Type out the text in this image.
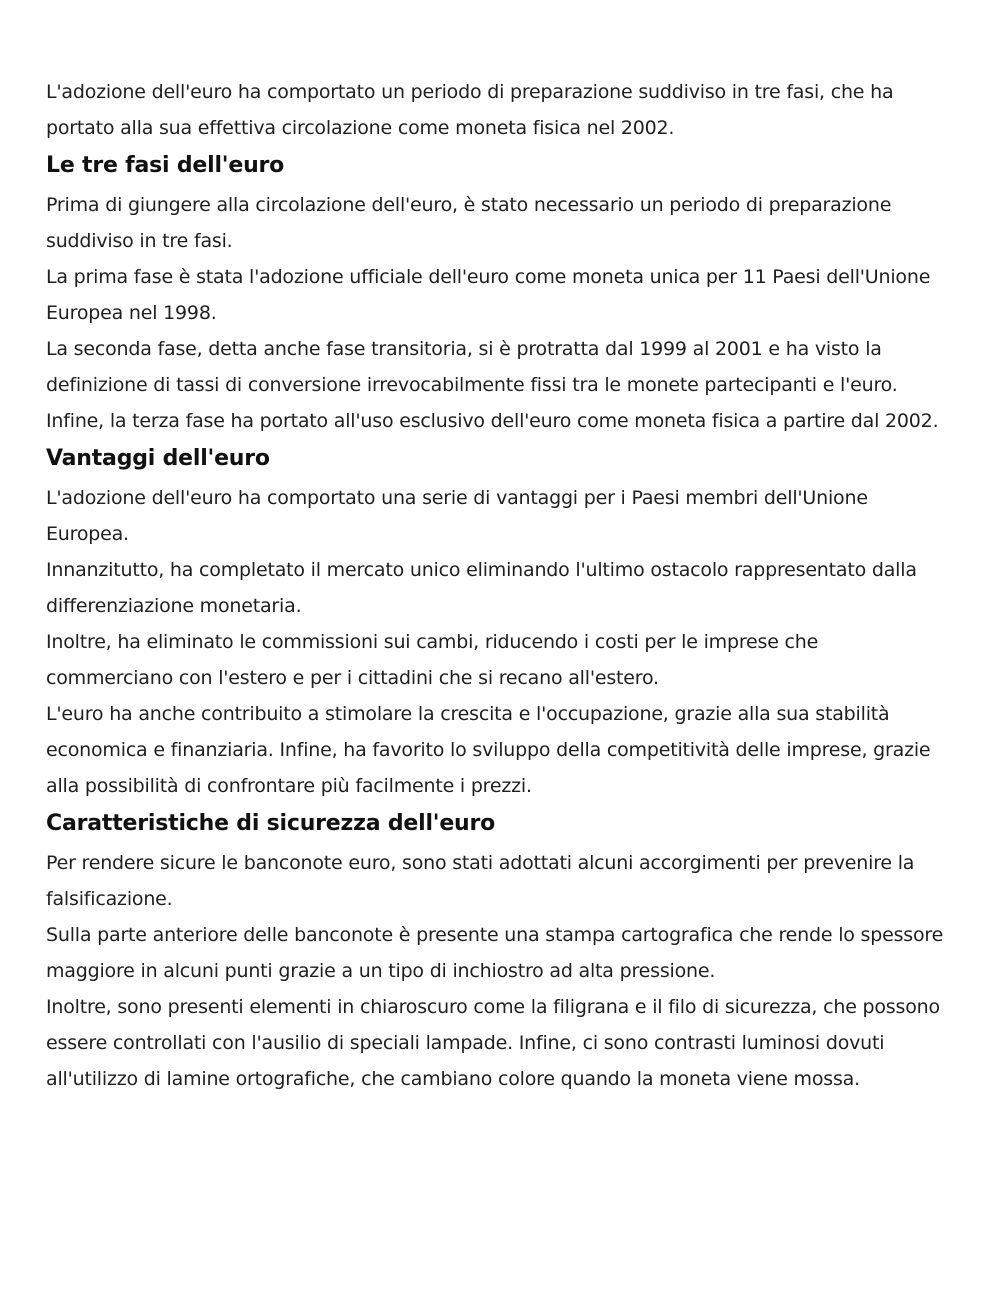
L'adozione dell'euro ha comportato un periodo di preparazione suddiviso in tre fasi, che ha portato alla sua effettiva circolazione come moneta fisica nel 2002.

Le tre fasi dell'euro

Prima di giungere alla circolazione dell'euro, è stato necessario un periodo di preparazione suddiviso in tre fasi.

La prima fase è stata l'adozione ufficiale dell'euro come moneta unica per 11 Paesi dell'Unione Europea nel 1998.

La seconda fase, detta anche fase transitoria, si è protratta dal 1999 al 2001 e ha visto la definizione di tassi di conversione irrevocabilmente fissi tra le monete partecipanti e l'euro.

Infine, la terza fase ha portato all'uso esclusivo dell'euro come moneta fisica a partire dal 2002.

Vantaggi dell'euro

L'adozione dell'euro ha comportato una serie di vantaggi per i Paesi membri dell'Unione Europea.

Innanzitutto, ha completato il mercato unico eliminando l'ultimo ostacolo rappresentato dalla differenziazione monetaria.

Inoltre, ha eliminato le commissioni sui cambi, riducendo i costi per le imprese che commerciano con l'estero e per i cittadini che si recano all'estero.

L'euro ha anche contribuito a stimolare la crescita e l'occupazione, grazie alla sua stabilità economica e finanziaria. Infine, ha favorito lo sviluppo della competitività delle imprese, grazie alla possibilità di confrontare più facilmente i prezzi.

Caratteristiche di sicurezza dell'euro

Per rendere sicure le banconote euro, sono stati adottati alcuni accorgimenti per prevenire la falsificazione.

Sulla parte anteriore delle banconote è presente una stampa cartografica che rende lo spessore maggiore in alcuni punti grazie a un tipo di inchiostro ad alta pressione.

Inoltre, sono presenti elementi in chiaroscuro come la filigrana e il filo di sicurezza, che possono essere controllati con l'ausilio di speciali lampade. Infine, ci sono contrasti luminosi dovuti all'utilizzo di lamine ortografiche, che cambiano colore quando la moneta viene mossa.
